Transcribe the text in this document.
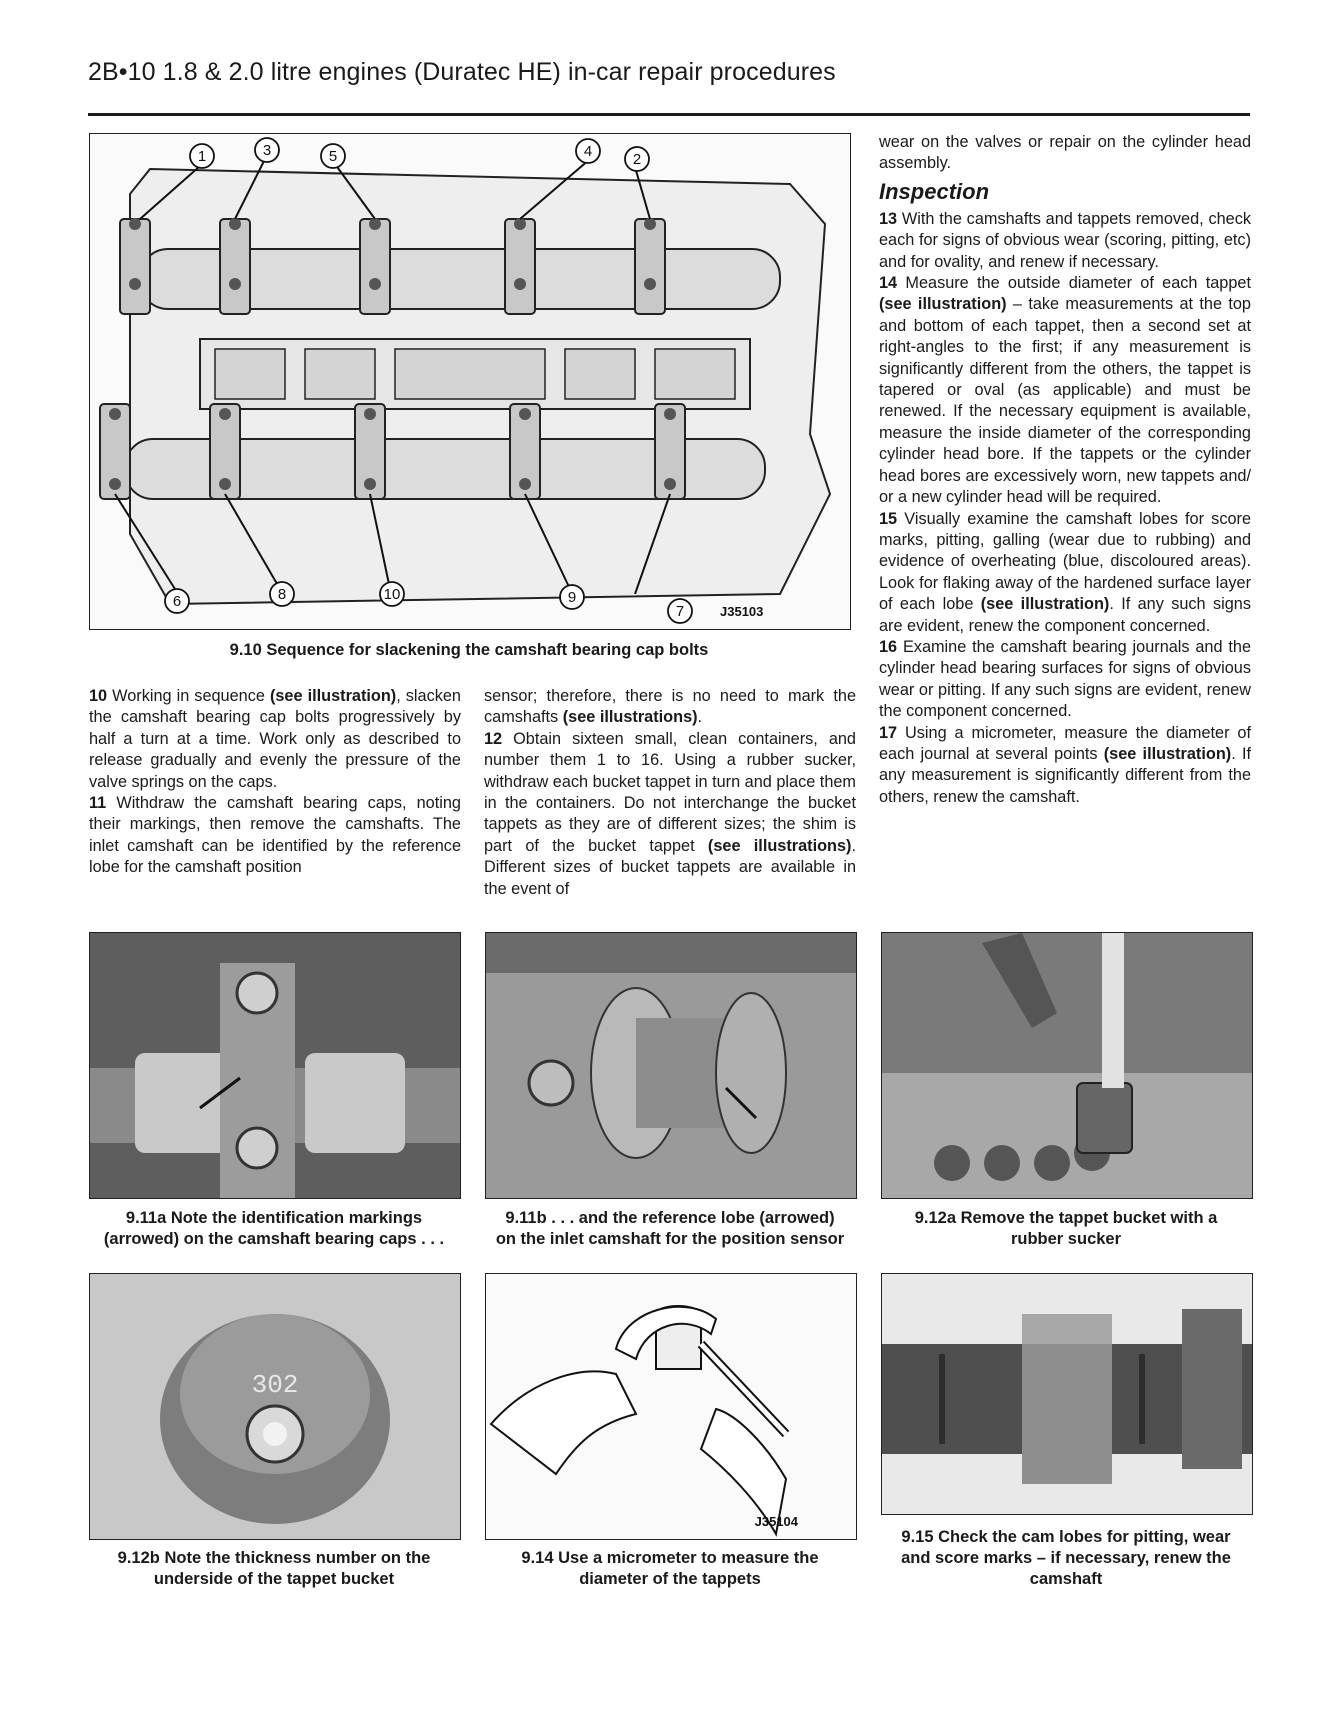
2B•10 1.8 & 2.0 litre engines (Duratec HE) in-car repair procedures
1	3	5	4	2
6	8	10	9
7	J35103
9.10 Sequence for slackening the camshaft bearing cap bolts

10 Working in sequence (see illustration), slacken the camshaft bearing cap bolts progressively by half a turn at a time. Work only as described to release gradually and evenly the pressure of the valve springs on the caps.

11 Withdraw the camshaft bearing caps, noting their markings, then remove the camshafts. The inlet camshaft can be identified by the reference lobe for the camshaft position

sensor; therefore, there is no need to mark the camshafts (see illustrations).

12 Obtain sixteen small, clean containers, and number them 1 to 16. Using a rubber sucker, withdraw each bucket tappet in turn and place them in the containers. Do not interchange the bucket tappets as they are of different sizes; the shim is part of the bucket tappet (see illustrations). Different sizes of bucket tappets are available in the event of

wear on the valves or repair on the cylinder head assembly.

Inspection

13 With the camshafts and tappets removed, check each for signs of obvious wear (scoring, pitting, etc) and for ovality, and renew if necessary.

14 Measure the outside diameter of each tappet (see illustration) – take measurements at the top and bottom of each tappet, then a second set at right-angles to the first; if any measurement is significantly different from the others, the tappet is tapered or oval (as applicable) and must be renewed. If the necessary equipment is available, measure the inside diameter of the corresponding cylinder head bore. If the tappets or the cylinder head bores are excessively worn, new tappets and/ or a new cylinder head will be required.

15 Visually examine the camshaft lobes for score marks, pitting, galling (wear due to rubbing) and evidence of overheating (blue, discoloured areas). Look for flaking away of the hardened surface layer of each lobe (see illustration). If any such signs are evident, renew the component concerned.

16 Examine the camshaft bearing journals and the cylinder head bearing surfaces for signs of obvious wear or pitting. If any such signs are evident, renew the component concerned.

17 Using a micrometer, measure the diameter of each journal at several points (see illustration). If any measurement is significantly different from the others, renew the camshaft.

9.11a Note the identification markings
(arrowed) on the camshaft bearing caps . . .
9.11b . . . and the reference lobe (arrowed)
on the inlet camshaft for the position sensor
9.12a Remove the tappet bucket with a
rubber sucker
302
J35104
9.12b Note the thickness number on the
underside of the tappet bucket
9.14 Use a micrometer to measure the
diameter of the tappets
9.15 Check the cam lobes for pitting, wear
and score marks – if necessary, renew the
camshaft
